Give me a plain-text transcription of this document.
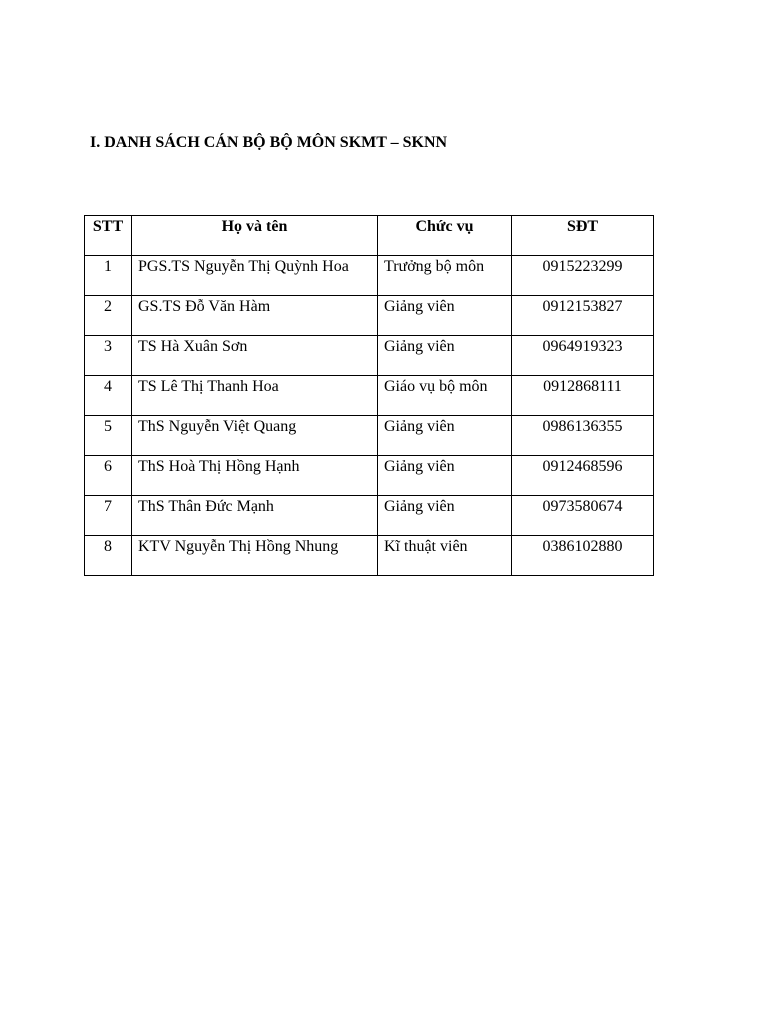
I. DANH SÁCH CÁN BỘ BỘ MÔN SKMT – SKNN
STT	Họ và tên	Chức vụ	SĐT
1	PGS.TS Nguyễn Thị Quỳnh Hoa	Trưởng bộ môn	0915223299
2	GS.TS Đỗ Văn Hàm	Giảng viên	0912153827
3	TS Hà Xuân Sơn	Giảng viên	0964919323
4	TS Lê Thị Thanh Hoa	Giáo vụ bộ môn	0912868111
5	ThS Nguyễn Việt Quang	Giảng viên	0986136355
6	ThS Hoà Thị Hồng Hạnh	Giảng viên	0912468596
7	ThS Thân Đức Mạnh	Giảng viên	0973580674
8	KTV Nguyễn Thị Hồng Nhung	Kĩ thuật viên	0386102880
